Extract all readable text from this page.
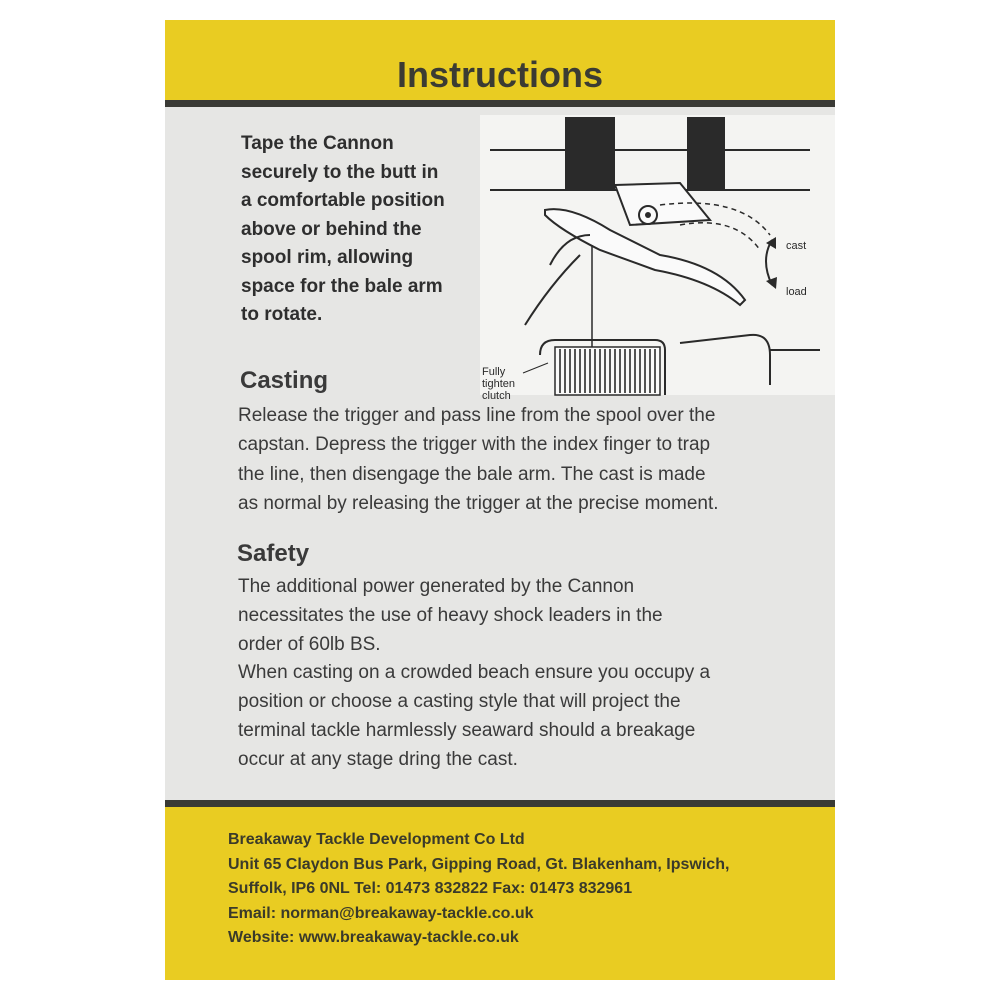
Instructions

Tape the Cannon
securely to the butt in
a comfortable position
above or behind the
spool rim, allowing
space for the bale arm
to rotate.

cast
load
Fully
tighten
clutch
Casting

Release the trigger and pass line from the spool over the
capstan. Depress the trigger with the index finger to trap
the line, then disengage the bale arm. The cast is made
as normal by releasing the trigger at the precise moment.

Safety

The additional power generated by the Cannon
necessitates the use of heavy shock leaders in the
order of 60lb BS.
When casting on a crowded beach ensure you occupy a
position or choose a casting style that will project the
terminal tackle harmlessly seaward should a breakage
occur at any stage dring the cast.

Breakaway Tackle Development Co Ltd
Unit 65 Claydon Bus Park, Gipping Road, Gt. Blakenham, Ipswich,
Suffolk, IP6 0NL Tel: 01473 832822 Fax: 01473 832961
Email: norman@breakaway-tackle.co.uk
Website: www.breakaway-tackle.co.uk
